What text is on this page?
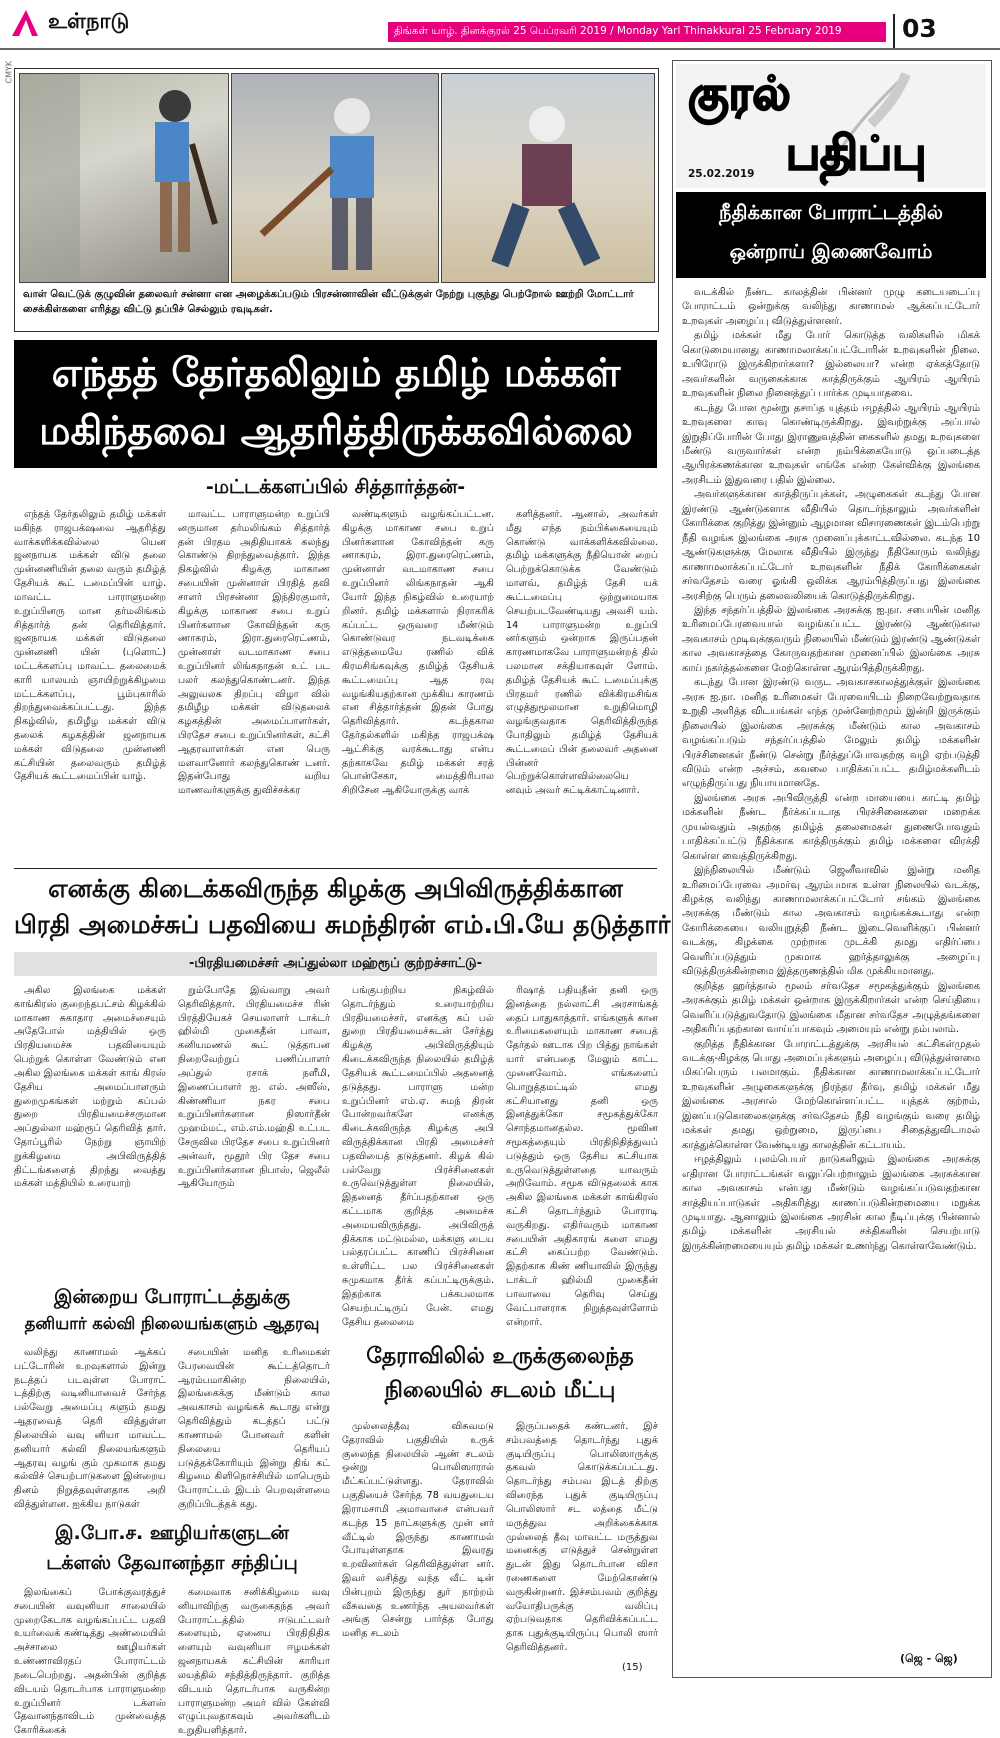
உள்நாடு	திங்கள் யாழ். தினக்குரல் 25 பெப்ரவரி 2019 / Monday Yarl Thinakkural 25 February 2019	03
CMYK
வாள் வெட்டுக் குழுவின் தலைவர் சன்னா என அழைக்கப்படும் பிரசன்னாவின் வீட்டுக்குள் நேற்று புகுந்து பெற்றோல் ஊற்றி மோட்டார் சைக்கிள்களை எரித்து விட்டு தப்பிச் செல்லும் ரவுடிகள்.
எந்தத் தேர்தலிலும் தமிழ் மக்கள்
மகிந்தவை ஆதரித்திருக்கவில்லை
-மட்டக்களப்பில் சித்தார்த்தன்-

எந்தத் தேர்தலிலும் தமிழ் மக்கள் மகிந்த ராஜபக்‌ஷவை ஆதரித்து வாக்களிக்கவில்லை யென ஜனநாயக மக்கள் விடு தலை முன்னணியின் தலை வரும் தமிழ்த் தேசியக் கூட் டமைப்பின் யாழ். மாவட்ட பாராளுமன்ற உறுப்பினரு மான தர்மலிங்கம் சித்தார்த் தன் தெரிவித்தார். ஜனநாயக மக்கள் விடுதலை முன்னணி யின் (புளொட்) மட்டக்களப்பு மாவட்ட தலைமைக் காரி யாலயம் ஞாயிற்றுக்கிழமை மட்டக்களப்பு, பூம்புகாரில் திறந்துவைக்கப்பட்டது. இந்த நிகழ்வில், தமிழீழ மக்கள் விடு தலைக் கழகத்தின் ஜனநாயக மக்கள் விடுதலை முன்னணி கட்சியின் தலைவரும் தமிழ்த் தேசியக் கூட்டமைப்பின் யாழ்.

மாவட்ட பாராளுமன்ற உறுப்பி னருமான தர்மலிங்கம் சித்தார்த் தன் பிரதம அதிதியாகக் கலந்து கொண்டு திறந்துவைத்தார். இந்த நிகழ்வில் கிழக்கு மாகாண சபையின் முன்னாள் பிரதித் தவி சாளர் பிரசன்னா இந்திரகுமார், கிழக்கு மாகாண சபை உறுப் பினர்களான கோவிந்தன் கரு ணாகரம், இரா.துரைரெட்ணம், முன்னாள் வடமாகாண சபை உறுப்பினர் லிங்கநாதன் உட் பட பலர் கலந்துகொண்டனர். இந்த அலுவலக திறப்பு விழா வில் தமிழீழ மக்கள் விடுதலைக் கழகத்தின் அமைப்பாளர்கள், பிரதேச சபை உறுப்பினர்கள், கட்சி ஆதரவாளர்கள் என பெரு மளவானோர் கலந்துகொண் டனர். இதன்போது வறிய மாணவர்களுக்கு துவிச்சக்கர

வண்டிகளும் வழங்கப்பட்டன. கிழக்கு மாகாண சபை உறுப் பினர்களான கோவிந்தன் கரு ணாகரம், இரா.துரைரெட்ணம், முன்னாள் வடமாகாண சபை உறுப்பினர் லிங்கநாதன் ஆகி யோர் இந்த நிகழ்வில் உரையாற் றினர். தமிழ் மக்களால் நிராகரிக் கப்பட்ட ஒருவரை மீண்டும் கொண்டுவர நடவடிக்கை எடுத்தமையே ரணில் விக் கிரமசிங்கவுக்கு தமிழ்த் தேசியக் கூட்டமைப்பு ஆத ரவு வழங்கியதற்கான முக்கிய காரணம் என சித்தார்த்தன் இதன் போது தெரிவித்தார். கடந்தகால தேர்தல்களில் மகிந்த ராஜபக்‌ஷ ஆட்சிக்கு வரக்கூடாது என்ப தற்காகவே தமிழ் மக்கள் சரத் பொன்சேகா, மைத்திரிபால சிறிசேன ஆகியோருக்கு வாக்

களித்தனர். ஆனால், அவர்கள் மீது எந்த நம்பிக்கையையும் கொண்டு வாக்களிக்கவில்லை. தமிழ் மக்களுக்கு நீதியொன் றைப் பெற்றுக்கொடுக்க வேண்டும் மாளவ், தமிழ்த் தேசி யக் கூட்டமைப்பு ஒற்றுமையாக செயற்படவேண்டியது அவசி யம். 14 பாராளுமன்ற உறுப்பி னர்களும் ஒன்றாக இருப்பதன் காரணமாகவே பாராளுமன்றத் தில் பலமான சக்தியாகவுள் ளோம். தமிழ்த் தேசியக் கூட் டமைப்புக்கு பிரதமர் ரணில் விக்கிரமசிங்க எழுத்துமூலமான உறுதிமொழி வழங்குவதாக தெரிவித்திருந்த போதிலும் தமிழ்த் தேசியக் கூட்டமைப் பின் தலைவர் அதனை பின்னர் பெற்றுக்கொள்ளவில்லையெ னவும் அவர் சுட்டிக்காட்டினார்.

எனக்கு கிடைக்கவிருந்த கிழக்கு அபிவிருத்திக்கான
பிரதி அமைச்சுப் பதவியை சுமந்திரன் எம்.பி.யே தடுத்தார்
-பிரதியமைச்சர் அப்துல்லா மஹ்ரூப் குற்றச்சாட்டு-

அகில இலங்கை மக்கள் காங்கிரஸ் குறைந்தபட்சம் கிழக்கில் மாகாண சுகாதார அமைச்சையும் அதேபோல் மத்தியில் ஒரு பிரதியமைச்சு பதவியையும் பெற்றுக் கொள்ள வேண்டும் என அகில இலங்கை மக்கள் காங் கிரஸ் தேசிய அமைப்பாளரும் துறைமுகங்கள் மற்றும் கப்பல் துறை பிரதியமைச்சருமான அப்துல்லா மஹ்ரூப் தெரிவித் தார். தோப்பூரில் நேற்று ஞாயிற் றுக்கிழமை அபிவிருத்தித் திட்டங்களைத் திறந்து வைத்து மக்கள் மத்தியில் உரையாற்

றும்போதே இவ்வாறு அவர் தெரிவித்தார். பிரதியமைச்ச ரின் பிரத்தியேகச் செயலாளர் டாக்டர் ஹில்மி முகைதீன் பாவா, கனியமணல் கூட் டுத்தாபன நிறைவேற்றுப் பணிப்பாளர் அப்துல் ரசாக் நளீமி, இணைப்பாளர் ஐ. எல். அஸீஸ், கிண்ணியா நகர சபை உறுப்பினர்களான நிஸார்தீன் முஹம்மட், எம்.எம்.மஹ்தி உட்பட சேருவில பிரதேச சபை உறுப்பினர் அன்வர், மூதூர் பிர தேச சபை உறுப்பினர்களான நிபாஸ், ஜெலீல் ஆகியோரும்

பங்குபற்றிய நிகழ்வில் தொடர்ந்தும் உரையாற்றிய பிரதியமைச்சர், எனக்கு கப் பல் துறை பிரதியமைச்சுடன் சேர்த்து கிழக்கு அபிவிருத்தியும் கிடைக்கவிருந்த நிலையில் தமிழ்த் தேசியக் கூட்டமைப்பில் அதனைத் தடுத்தது. பாராளு மன்ற உறுப்பினர் எம்.ஏ. சுமந் திரன் போன்றவர்களே எனக்கு கிடைக்கவிருந்த கிழக்கு அபி விருத்திக்கான பிரதி அமைச்சர் பதவியைத் தடுத்தனர். கிழக் கில் பல்வேறு பிரச்சினைகள் உருவெடுத்துள்ள நிலையில், இதனைத் தீர்ப்பதற்கான ஒரு கட்டமாக குறித்த அமைச்சு அமையவிருந்தது. அபிவிருத் திக்காக மட்டுமல்ல, மக்களு டைய பல்தரப்பட்ட காணிப் பிரச்சினை உள்ளிட்ட பல பிரச்சினைகள் சுமுகமாக தீர்க் கப்பட்டிருக்கும். இதற்காக பக்கபலமாக செயற்பட்டிருப் பேன். எமது தேசிய தலைமை

ரிஷாத் பதியுதீன் தனி ஒரு இனத்தை நல்லாட்சி அரசாங்கத் தைப் பாதுகாத்தார். எங்களுக் கான உரிமைகளையும் மாகாண சபைத் தேர்தல் ஊடாக பிற பித்து நாங்கள் யார் என்பதை மேலும் காட்ட முனைவோம். எங்களைப் பொறுத்தமட்டில் எமது கட்சியானது தனி ஒரு இனத்துக்கோ சமூகத்துக்கோ சொந்தமானதல்ல. மூவின சமூகத்தையும் பிரதிநிதித்துவப் படுத்தும் ஒரு தேசிய கட்சியாக உருவெடுத்துள்ளதை யாவரும் அறிவோம். சமூக விடுதலைக் காக அகில இலங்கை மக்கள் காங்கிரஸ் கட்சி தொடர்ந்தும் போராடி வருகிறது. எதிர்வரும் மாகாண சபையின் அதிகாரங் களை எமது கட்சி கைப்பற்ற வேண்டும். இதற்காக கிண் ணியாவில் இருந்து டாக்டர் ஹில்மி முகைதீன் பாவாவை தெரிவு செய்து வேட்பாளராக நிறுத்தவுள்ளோம் என்றார்.

இன்றைய போராட்டத்துக்கு
தனியார் கல்வி நிலையங்களும் ஆதரவு

வலிந்து காணாமல் ஆக்கப் பட்டோரின் உறவுகளால் இன்று நடத்தப் படவுள்ள போராட் டத்திற்கு வடினியாவைச் சேர்ந்த பல்வேறு அமைப்பு களும் தமது ஆதரவைத் தெரி வித்துள்ள நிலையில் வவு னியா மாவட்ட தனியார் கல்வி நிலையங்களும் ஆதரவு வழங் கும் முகமாக தமது கல்விச் செயற்பாடுகளை இன்றைய தினம் நிறுத்தவுள்ளதாக அறி வித்துள்ளன. ஐக்கிய நாடுகள்

சபையின் மனித உரிமைகள் பேரவையின் கூட்டத்தொடர் ஆரம்பமாகின்ற நிலையில், இலங்கைக்கு மீண்டும் கால அவகாசம் வழங்கக் கூடாது என்று தெரிவித்தும் கடத்தப் பட்டு காணாமல் போனவர் களின் நிலையை தெரியப் படுத்தக்கோரியும் இன்று திங் கட் கிழமை கிளிநொச்சியில் மாபெரும் போராட்டம் இடம் பெறவுள்ளமை குறிப்பிடத்தக் கது.

இ.போ.ச. ஊழியர்களுடன்
டக்ளஸ் தேவானந்தா சந்திப்பு

இலங்கைப் போக்குவரத்துச் சபையின் வவுனியா சாலையில் முறைகேடாக வழங்கப்பட்ட பதவி உயர்வைக் கண்டித்து அண்மையில் அச்சாலை ஊழியர்கள் உண்ணாவிரதப் போராட்டம் நடைபெற்றது. அதன்பின் குறித்த விடயம் தொடர்பாக பாராளுமன்ற உறுப்பினர் டக்ளஸ் தேவானந்தாவிடம் முன்வைத்த கோரிக்கைக்

கமைவாக சனிக்கிழமை வவு னியாவிற்கு வருகைதந்த அவர் போராட்டத்தில் ஈடுபட்டவர் களையும், ஏனைய பிரதிநிதிக ளையும் வவுனியா ஈழமக்கள் ஜனநாயகக் கட்சியின் காரியா லயத்தில் சந்தித்திருந்தார். குறித்த விடயம் தொடர்பாக வருகின்ற பாராளுமன்ற அமர் வில் கேள்வி எழுப்புவதாகவும் அவர்களிடம் உறுதியளித்தார்.

தேராவிலில் உருக்குலைந்த
நிலையில் சடலம் மீட்பு

முல்லைத்தீவு விசுவமடு தேராவில் பகுதியில் உருக் குலைந்த நிலையில் ஆண் சடலம் ஒன்று பொலிஸாரால் மீட்கப்பட்டுள்ளது. தேராவில் பகுதியைச் சேர்ந்த 78 வயதுடைய இராமசாமி அமாவாசை என்பவர் கடந்த 15 நாட்களுக்கு முன் னர் வீட்டில் இருந்து காணாமல் போயுள்ளதாக இவரது உறவினர்கள் தெரிவித்துள்ள னர். இவர் வசித்து வந்த வீட் டின் பின்புறம் இருந்து துர் நாற்றம் வீசுவதை உணர்ந்த அயலவர்கள் அங்கு சென்று பார்த்த போது மனித சடலம்

இருப்பதைக் கண்டனர். இச் சம்பவத்தை தொடர்ந்து புதுக் குடியிருப்பு பொலிஸாருக்கு தகவல் கொடுக்கப்பட்டது. தொடர்ந்து சம்பவ இடத் திற்கு விரைந்த புதுக் குடியிருப்பு பொலிஸார் சட லத்தை மீட்டு மருத்துவ அறிக்கைக்காக முல்லைத் தீவு மாவட்ட மருத்துவ மனைக்கு எடுத்துச் சென்றுள்ள துடன் இது தொடர்பான விசா ரணைகளை மேற்கொண்டு வருகின்றனர். இச்சம்பவம் குறித்து வயோதிபருக்கு வலிப்பு ஏற்படுவதாக தெரிவிக்கப்பட்ட தாக புதுக்குடியிருப்பு பொலி ஸார் தெரிவித்தனர்.

(15)
குரல்
பதிப்பு
25.02.2019
நீதிக்கான போராட்டத்தில்
ஒன்றாய் இணைவோம்

வடக்கில் நீண்ட காலத்தின் பின்னர் முழு கடையடைப்பு போராட்டம் ஒன்றுக்கு வலிந்து காணாமல் ஆக்கப்பட்டோர் உறவுகள் அழைப்பு விடுத்துள்ளனர்.

தமிழ் மக்கள் மீது போர் கொடுத்த வலிகளில் மிகக் கொடுமையானது காணாமலாக்கப்பட்டோரின் உறவுகளின் நிலை. உயிரோடு இருக்கிறார்களா? இல்லையா? என்ற ஏக்கத்தோடு அவர்களின் வருகைக்காக காத்திருக்கும் ஆயிரம் ஆயிரம் உறவுகளின் நிலை நினைத்துப் பார்க்க முடியாதவை.

கடந்து போன மூன்று தசாப்த யுத்தம் ஈழத்தில் ஆயிரம் ஆயிரம் உறவுகளை காவு கொண்டிருக்கிறது. இவற்றுக்கு அப்பால் இறுதிப்போரின் போது இராணுவத்தின் கைகளில் தமது உறவுகளை மீண்டு வருவார்கள் என்ற நம்பிக்கையோடு ஒப்படைத்த ஆயிரக்கணக்கான உறவுகள் எங்கே என்ற கேள்விக்கு இலங்கை அரசிடம் இதுவரை பதில் இல்லை.

அவர்களுக்கான காத்திருப்புக்கள், அழுகைகள் கடந்து போன இரண்டு ஆண்டுகளாக வீதியில் தொடர்ந்தாலும் அவர்களின் கோரிக்கை குறித்து இன்னும் ஆழமான விசாரணைகள் இடம்பெற்று நீதி வழங்க இலங்கை அரசு முனைப்புக்காட்டவில்லை. கடந்த 10 ஆண்டுகளுக்கு மேலாக வீதியில் இருந்து நீதிகோரும் வலிந்து காணாமலாக்கப்பட்டோர் உறவுகளின் நீதிக் கோரிக்கைகள் சர்வதேசம் வரை ஓங்கி ஒலிக்க ஆரம்பித்திருப்பது இலங்கை அரசிற்கு பெரும் தலைவலியைக் கொடுத்திருக்கிறது.

இந்த சந்தர்ப்பத்தில் இலங்கை அரசுக்கு ஐ.நா. சபையின் மனித உரிமைப்பேரவையால் வழங்கப்பட்ட இரண்டு ஆண்டுகால அவகாசம் முடிவுக்குவரும் நிலையில் மீண்டும் இரண்டு ஆண்டுகள் கால அவகாசத்தை கோருவதற்கான முனைப்பில் இலங்கை அரசு காய் நகர்த்தல்களை மேற்கொள்ள ஆரம்பித்திருக்கிறது.

கடந்து போன இரண்டு வருட அவகாசகாலத்துக்குள் இலங்கை அரசு ஐ.நா. மனித உரிமைகள் பேரவையிடம் நிறைவேற்றுவதாக உறுதி அளித்த விடயங்கள் எந்த முன்னேற்றமும் இன்றி இருக்கும் நிலையில் இலங்கை அரசுக்கு மீண்டும் கால அவகாசம் வழங்கப்படும் சந்தர்ப்பத்தில் மேலும் தமிழ் மக்களின் பிரச்சினைகள் நீண்டு சென்று நீர்த்துப்போவதற்கு வழி ஏற்படுத்தி விடும் என்ற அச்சம், கவலை பாதிக்கப்பட்ட தமிழ்மக்களிடம் எழுந்திருப்பது நியாயமானதே.

இலங்கை அரசு அபிவிருத்தி என்ற மாயையை காட்டி தமிழ் மக்களின் நீண்ட நீர்க்கப்படாத பிரச்சினைகளை மறைக்க முயல்வதும் அதற்கு தமிழ்த் தலைமைகள் துணைபோவதும் பாதிக்கப்பட்டு நீதிக்காக காத்திருக்கும் தமிழ் மக்களை விரக்தி கொள்ள வைத்திருக்கிறது.

இந்நிலையில் மீண்டும் ஜெனீவாவில் இன்று மனித உரிமைப்பேரவை அமர்வு ஆரம்பமாக உள்ள நிலையில் வடக்கு, கிழக்கு வலிந்து காணாமலாக்கப்பட்டோர் சங்கம் இலங்கை அரசுக்கு மீண்டும் கால அவகாசம் வழங்கக்கூடாது என்ற கோரிக்கையை வலியுறுத்தி நீண்ட இடைவெளிக்குப் பின்னர் வடக்கு, கிழக்கை முற்றாக முடக்கி தமது எதிர்ப்பை வெளிப்படுத்தும் முகமாக ஹர்த்தாலுக்கு அழைப்பு விடுத்திருக்கின்றமை இத்தருணத்தில் மிக முக்கியமானது.

குறித்த ஹர்த்தால் மூலம் சர்வதேச சமூகத்துக்கும் இலங்கை அரசுக்கும் தமிழ் மக்கள் ஒன்றாக இருக்கிறார்கள் என்ற செய்தியை வெளிப்படுத்துவதோடு இலங்கை மீதான சர்வதேச அழுத்தங்களை அதிகரிப்பதற்கான வாய்ப்பாகவும் அமையும் என்று நம்பலாம்.

குறித்த நீதிக்கான போராட்டத்துக்கு அரசியல் கட்சிகள்முதல் வடக்கு-கிழக்கு பொது அமைப்புக்களும் அழைப்பு விடுத்துள்ளமை மிகப்பெரும் பலமாகும். நீதிக்கான காணாமலாக்கப்பட்டோர் உறவுகளின் அழுகைகளுக்கு நிரந்தர தீர்வு, தமிழ் மக்கள் மீது இலங்கை அரசால் மேற்கொள்ளப்பட்ட யுத்தக் குற்றம், இனப்படுகொலைகளுக்கு சர்வதேசம் நீதி வழங்கும் வரை தமிழ் மக்கள் தமது ஒற்றுமை, இருப்பை சிதைத்துவிடாமல் காத்துக்கொள்ள வேண்டியது காலத்தின் கட்டாயம்.

ஈழத்திலும் புலம்பெயர் நாடுகளிலும் இலங்கை அரசுக்கு எதிரான போராட்டங்கள் வலுப்பெற்றாலும் இலங்கை அரசுக்கான கால அவகாசம் என்பது மீண்டும் வழங்கப்படுவதற்கான சாத்தியப்பாடுகள் அதிகரித்து காணப்படுகின்றமையை மறுக்க முடியாது. ஆனாலும் இலங்கை அரசின் கால நீடிப்புக்கு பின்னால் தமிழ் மக்களின் அரசியல் சக்திகளின் செயற்பாடு இருக்கின்றமையையும் தமிழ் மக்கள் உணர்ந்து கொள்ளவேண்டும்.

(ஜெ - ஜெ)
